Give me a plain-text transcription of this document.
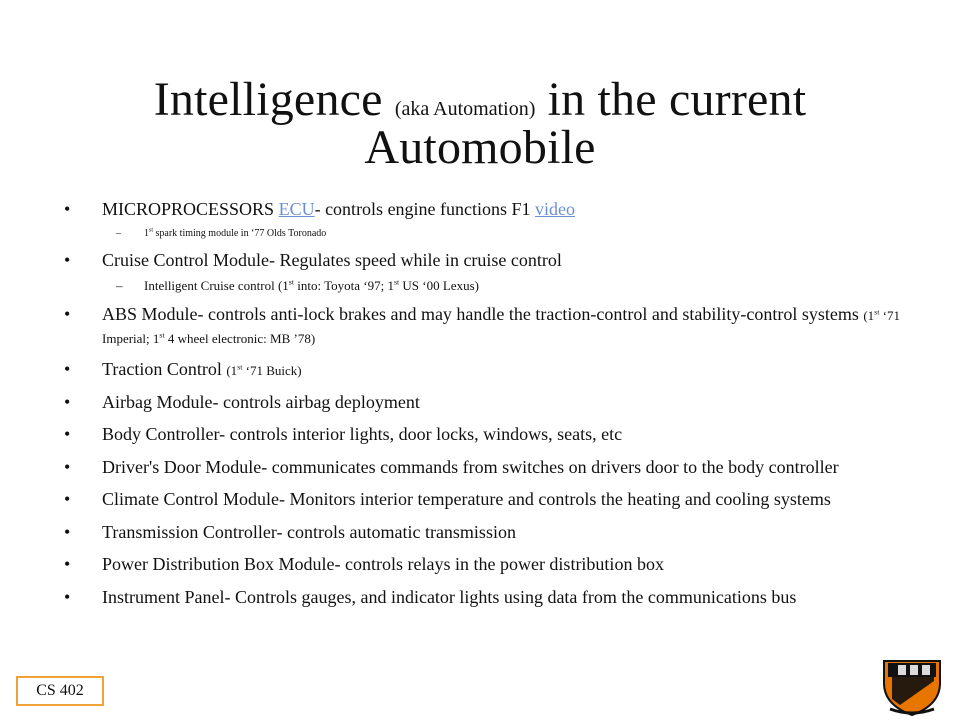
Intelligence (aka Automation) in the current Automobile
• MICROPROCESSORS ECU- controls engine functions F1 video
– 1st spark timing module in ‘77 Olds Toronado
• Cruise Control Module- Regulates speed while in cruise control
– Intelligent Cruise control (1st into: Toyota ‘97; 1st US ‘00 Lexus)
• ABS Module- controls anti-lock brakes and may handle the traction-control and stability-control systems (1st ‘71 Imperial; 1st 4 wheel electronic: MB ’78)
• Traction Control (1st ‘71 Buick)
• Airbag Module- controls airbag deployment
• Body Controller- controls interior lights, door locks, windows, seats, etc
• Driver's Door Module- communicates commands from switches on drivers door to the body controller
• Climate Control Module- Monitors interior temperature and controls the heating and cooling systems
• Transmission Controller- controls automatic transmission
• Power Distribution Box Module- controls relays in the power distribution box
• Instrument Panel- Controls gauges, and indicator lights using data from the communications bus
CS 402
